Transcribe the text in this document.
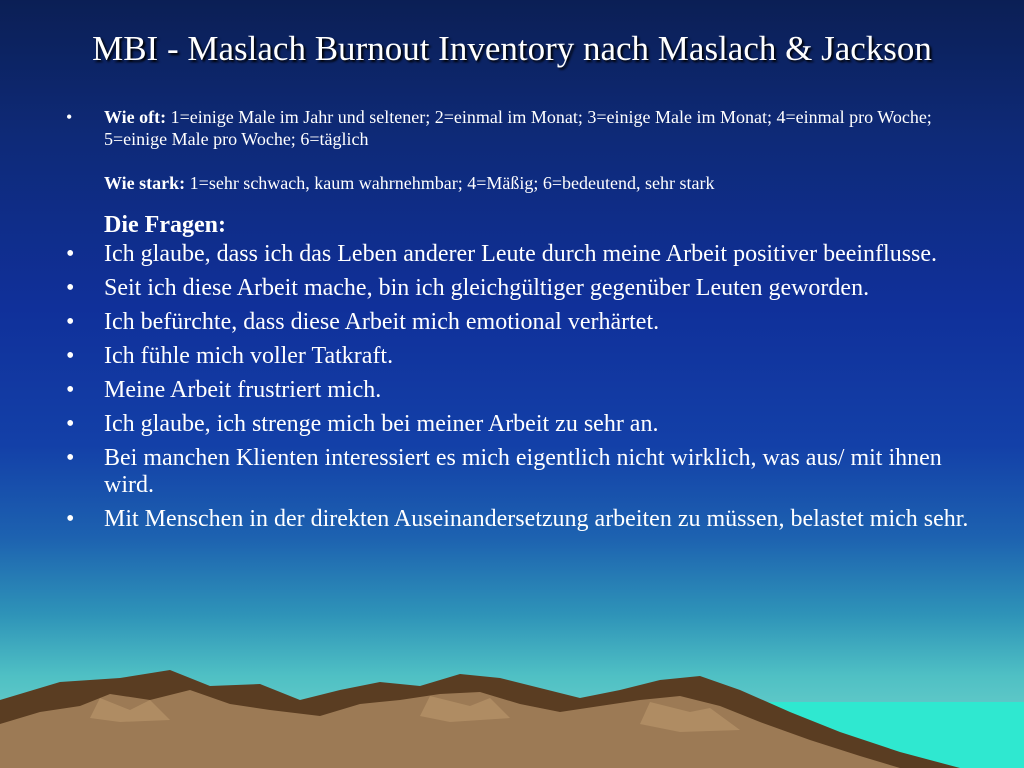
MBI - Maslach Burnout Inventory nach Maslach & Jackson
• Wie oft: 1=einige Male im Jahr und seltener; 2=einmal im Monat; 3=einige Male im Monat; 4=einmal pro Woche; 5=einige Male pro Woche; 6=täglich
Wie stark: 1=sehr schwach, kaum wahrnehmbar; 4=Mäßig; 6=bedeutend, sehr stark
Die Fragen:
• Ich glaube, dass ich das Leben anderer Leute durch meine Arbeit positiver beeinflusse.
• Seit ich diese Arbeit mache, bin ich gleichgültiger gegenüber Leuten geworden.
• Ich befürchte, dass diese Arbeit mich emotional verhärtet.
• Ich fühle mich voller Tatkraft.
• Meine Arbeit frustriert mich.
• Ich glaube, ich strenge mich bei meiner Arbeit zu sehr an.
• Bei manchen Klienten interessiert es mich eigentlich nicht wirklich, was aus/ mit ihnen wird.
• Mit Menschen in der direkten Auseinandersetzung arbeiten zu müssen, belastet mich sehr.
